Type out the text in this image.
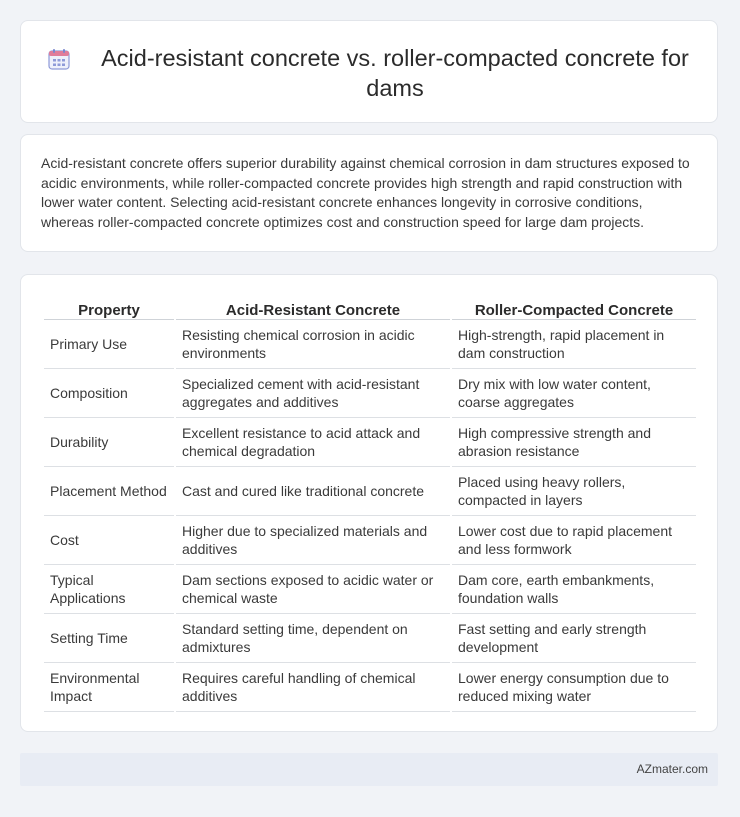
Acid-resistant concrete vs. roller-compacted concrete for dams
Acid-resistant concrete offers superior durability against chemical corrosion in dam structures exposed to acidic environments, while roller-compacted concrete provides high strength and rapid construction with lower water content. Selecting acid-resistant concrete enhances longevity in corrosive conditions, whereas roller-compacted concrete optimizes cost and construction speed for large dam projects.
Property	Acid-Resistant Concrete	Roller-Compacted Concrete
Primary Use	Resisting chemical corrosion in acidic environments	High-strength, rapid placement in dam construction
Composition	Specialized cement with acid-resistant aggregates and additives	Dry mix with low water content, coarse aggregates
Durability	Excellent resistance to acid attack and chemical degradation	High compressive strength and abrasion resistance
Placement Method	Cast and cured like traditional concrete	Placed using heavy rollers, compacted in layers
Cost	Higher due to specialized materials and additives	Lower cost due to rapid placement and less formwork
Typical Applications	Dam sections exposed to acidic water or chemical waste	Dam core, earth embankments, foundation walls
Setting Time	Standard setting time, dependent on admixtures	Fast setting and early strength development
Environmental Impact	Requires careful handling of chemical additives	Lower energy consumption due to reduced mixing water
AZmater.com
